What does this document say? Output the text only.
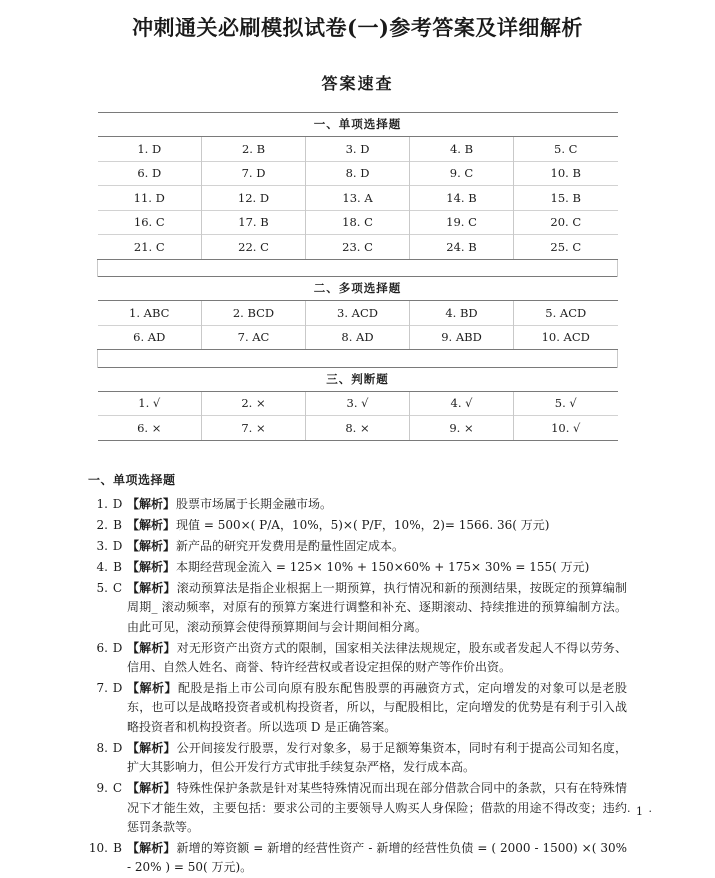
冲刺通关必刷模拟试卷(一)参考答案及详细解析
答案速查
一、单项选择题				
1. D	2. B	3. D	4. B	5. C
6. D	7. D	8. D	9. C	10. B
11. D	12. D	13. A	14. B	15. B
16. C	17. B	18. C	19. C	20. C
21. C	22. C	23. C	24. B	25. C

二、多项选择题				
1. ABC	2. BCD	3. ACD	4. BD	5. ACD
6. AD	7. AC	8. AD	9. ABD	10. ACD

三、判断题				
1. √	2. ×	3. √	4. √	5. √
6. ×	7. ×	8. ×	9. ×	10. √
一、单项选择题
1. D 【解析】股票市场属于长期金融市场。
2. B 【解析】现值 = 500×( P/A，10%，5)×( P/F，10%，2)= 1566. 36( 万元)
3. D 【解析】新产品的研究开发费用是酌量性固定成本。
4. B 【解析】本期经营现金流入 = 125× 10% + 150×60% + 175× 30% = 155( 万元)
5. C 【解析】滚动预算法是指企业根据上一期预算，执行情况和新的预测结果，按既定的预算编制周期_ 滚动频率，对原有的预算方案进行调整和补充、逐期滚动、持续推进的预算编制方法。由此可见，滚动预算会使得预算期间与会计期间相分离。
6. D 【解析】对无形资产出资方式的限制，国家相关法律法规规定，股东或者发起人不得以劳务、信用、自然人姓名、商誉、特许经营权或者设定担保的财产等作价出资。
7. D 【解析】配股是指上市公司向原有股东配售股票的再融资方式，定向增发的对象可以是老股东，也可以是战略投资者或机构投资者，所以，与配股相比，定向增发的优势是有利于引入战略投资者和机构投资者。所以选项 D 是正确答案。
8. D 【解析】公开间接发行股票，发行对象多，易于足额筹集资本，同时有利于提高公司知名度，扩大其影响力，但公开发行方式审批手续复杂严格，发行成本高。
9. C 【解析】特殊性保护条款是针对某些特殊情况而出现在部分借款合同中的条款，只有在特殊情况下才能生效，主要包括：要求公司的主要领导人购买人身保险；借款的用途不得改变；违约惩罚条款等。
10. B 【解析】新增的筹资额 = 新增的经营性资产 - 新增的经营性负债 = ( 2000 - 1500) ×( 30% - 20% ) = 50( 万元)。
· 1 ·
